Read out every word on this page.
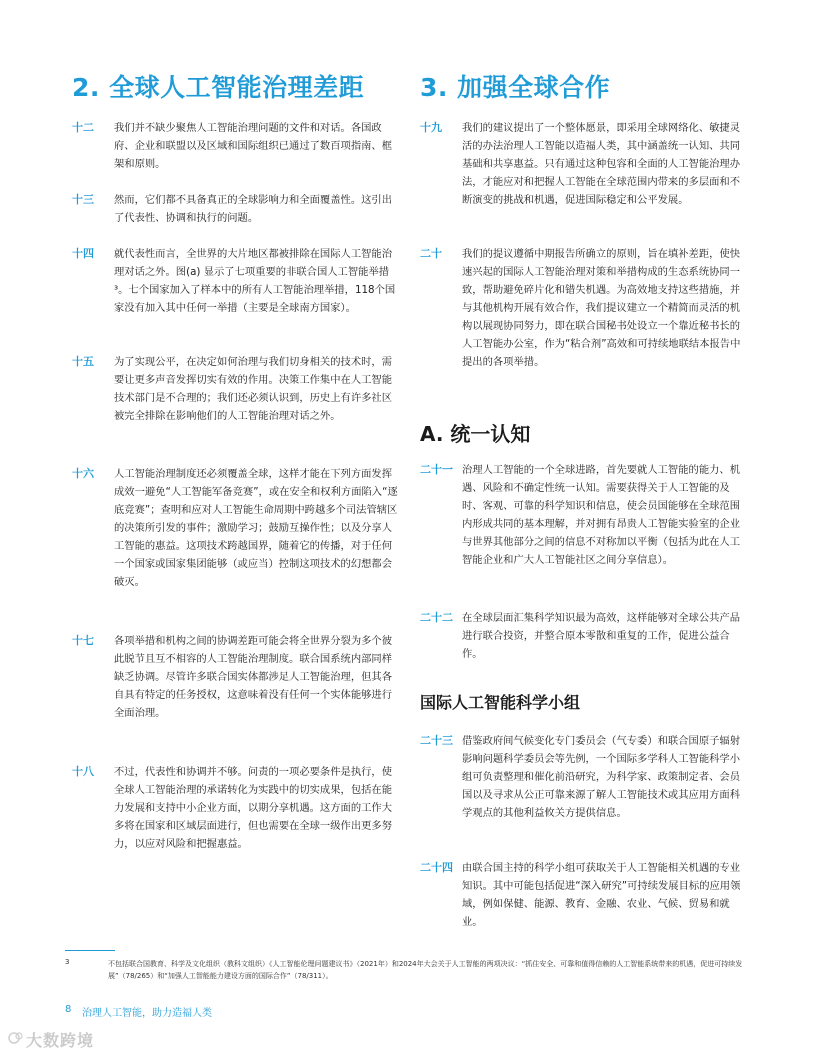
2. 全球人工智能治理差距
十二 我们并不缺少聚焦人工智能治理问题的文件和对话。各国政府、企业和联盟以及区域和国际组织已通过了数百项指南、框架和原则。
十三 然而，它们都不具备真正的全球影响力和全面覆盖性。这引出了代表性、协调和执行的问题。
十四 就代表性而言，全世界的大片地区都被排除在国际人工智能治理对话之外。图(a) 显示了七项重要的非联合国人工智能举措³。七个国家加入了样本中的所有人工智能治理举措，118个国家没有加入其中任何一举措（主要是全球南方国家）。
十五 为了实现公平，在决定如何治理与我们切身相关的技术时，需要让更多声音发挥切实有效的作用。决策工作集中在人工智能技术部门是不合理的；我们还必须认识到，历史上有许多社区被完全排除在影响他们的人工智能治理对话之外。
十六 人工智能治理制度还必须覆盖全球，这样才能在下列方面发挥成效一避免“人工智能军备竞赛”，或在安全和权利方面陷入“逐底竞赛”；查明和应对人工智能生命周期中跨越多个司法管辖区的决策所引发的事件；激励学习；鼓励互操作性；以及分享人工智能的惠益。这项技术跨越国界，随着它的传播，对于任何一个国家或国家集团能够（或应当）控制这项技术的幻想都会破灭。
十七 各项举措和机构之间的协调差距可能会将全世界分裂为多个彼此脱节且互不相容的人工智能治理制度。联合国系统内部同样缺乏协调。尽管许多联合国实体都涉足人工智能治理，但其各自具有特定的任务授权，这意味着没有任何一个实体能够进行全面治理。
十八 不过，代表性和协调并不够。问责的一项必要条件是执行，使全球人工智能治理的承诺转化为实践中的切实成果，包括在能力发展和支持中小企业方面，以期分享机遇。这方面的工作大多将在国家和区域层面进行，但也需要在全球一级作出更多努力，以应对风险和把握惠益。
3. 加强全球合作
十九 我们的建议提出了一个整体愿景，即采用全球网络化、敏捷灵活的办法治理人工智能以造福人类，其中涵盖统一认知、共同基础和共享惠益。只有通过这种包容和全面的人工智能治理办法，才能应对和把握人工智能在全球范围内带来的多层面和不断演变的挑战和机遇，促进国际稳定和公平发展。
二十 我们的提议遵循中期报告所确立的原则，旨在填补差距，使快速兴起的国际人工智能治理对策和举措构成的生态系统协同一致，帮助避免碎片化和错失机遇。为高效地支持这些措施，并与其他机构开展有效合作，我们提议建立一个精简而灵活的机构以展现协同努力，即在联合国秘书处设立一个靠近秘书长的人工智能办公室，作为“粘合剂”高效和可持续地联结本报告中提出的各项举措。
A. 统一认知
二十一 治理人工智能的一个全球进路，首先要就人工智能的能力、机遇、风险和不确定性统一认知。需要获得关于人工智能的及时、客观、可靠的科学知识和信息，使会员国能够在全球范围内形成共同的基本理解，并对拥有昂贵人工智能实验室的企业与世界其他部分之间的信息不对称加以平衡（包括为此在人工智能企业和广大人工智能社区之间分享信息）。
二十二 在全球层面汇集科学知识最为高效，这样能够对全球公共产品进行联合投资，并整合原本零散和重复的工作，促进公益合作。
国际人工智能科学小组
二十三 借鉴政府间气候变化专门委员会（气专委）和联合国原子辐射影响问题科学委员会等先例，一个国际多学科人工智能科学小组可负责整理和催化前沿研究，为科学家、政策制定者、会员国以及寻求从公正可靠来源了解人工智能技术或其应用方面科学观点的其他利益攸关方提供信息。
二十四 由联合国主持的科学小组可获取关于人工智能相关机遇的专业知识。其中可能包括促进“深入研究”可持续发展目标的应用领域，例如保健、能源、教育、金融、农业、气候、贸易和就业。
3	不包括联合国教育、科学及文化组织（教科文组织）《人工智能伦理问题建议书》（2021年）和2024年大会关于人工智能的两项决议：“抓住安全、可靠和值得信赖的人工智能系统带来的机遇，促进可持续发展”（78/265）和“加强人工智能能力建设方面的国际合作”（78/311）。
8 治理人工智能，助力造福人类
大数跨境
